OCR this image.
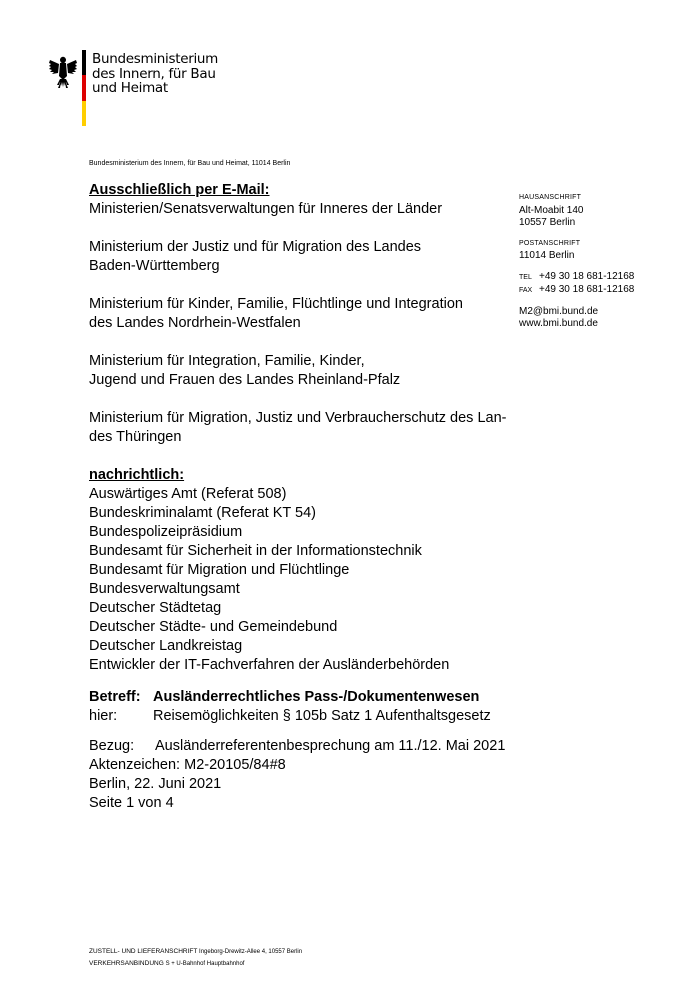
Bundesministerium
des Innern, für Bau
und Heimat
Bundesministerium des Innern, für Bau und Heimat, 11014 Berlin

Ausschließlich per E-Mail:

Ministerien/Senatsverwaltungen für Inneres der Länder

Ministerium der Justiz und für Migration des Landes

Baden-Württemberg

Ministerium für Kinder, Familie, Flüchtlinge und Integration

des Landes Nordrhein-Westfalen

Ministerium für Integration, Familie, Kinder,

Jugend und Frauen des Landes Rheinland-Pfalz

Ministerium für Migration, Justiz und Verbraucherschutz des Lan-

des Thüringen

nachrichtlich:

Auswärtiges Amt (Referat 508)

Bundeskriminalamt (Referat KT 54)

Bundespolizeipräsidium

Bundesamt für Sicherheit in der Informationstechnik

Bundesamt für Migration und Flüchtlinge

Bundesverwaltungsamt

Deutscher Städtetag

Deutscher Städte- und Gemeindebund

Deutscher Landkreistag

Entwickler der IT-Fachverfahren der Ausländerbehörden

HAUSANSCHRIFT
Alt-Moabit 140
10557 Berlin
POSTANSCHRIFT
11014 Berlin
TEL +49 30 18 681-12168
FAX +49 30 18 681-12168
M2@bmi.bund.de
www.bmi.bund.de
Betreff: Ausländerrechtliches Pass-/Dokumentenwesen
hier: Reisemöglichkeiten § 105b Satz 1 Aufenthaltsgesetz
Bezug: Ausländerreferentenbesprechung am 11./12. Mai 2021
Aktenzeichen: M2-20105/84#8
Berlin, 22. Juni 2021
Seite 1 von 4
ZUSTELL- UND LIEFERANSCHRIFT Ingeborg-Drewitz-Allee 4, 10557 Berlin
VERKEHRSANBINDUNG S + U-Bahnhof Hauptbahnhof
